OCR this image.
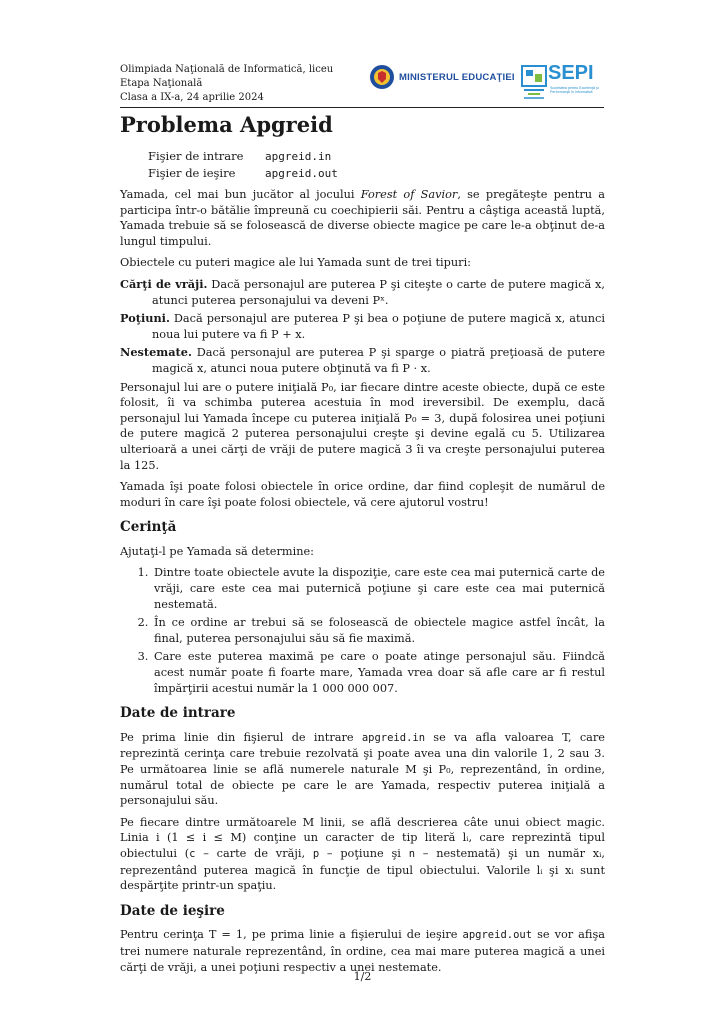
Olimpiada Naţională de Informatică, liceu
Etapa Naţională
Clasa a IX-a, 24 aprilie 2024
MINISTERUL EDUCAŢIEI SEPI
Societatea pentru Excelenţă şi Performanţă în Informatică
Problema Apgreid
Fişier de intrare apgreid.in
Fişier de ieşire	apgreid.out

Yamada, cel mai bun jucător al jocului Forest of Savior, se pregăteşte pentru a participa într-o bătălie împreună cu coechipierii săi. Pentru a câştiga această luptă, Yamada trebuie să se folosească de diverse obiecte magice pe care le-a obţinut de-a lungul timpului.

Obiectele cu puteri magice ale lui Yamada sunt de trei tipuri:

Cărţi de vrăji. Dacă personajul are puterea P şi citeşte o carte de putere magică x, atunci puterea personajului va deveni Pˣ.
Poţiuni. Dacă personajul are puterea P şi bea o poţiune de putere magică x, atunci noua lui putere va fi P + x.
Nestemate. Dacă personajul are puterea P şi sparge o piatră preţioasă de putere magică x, atunci noua putere obţinută va fi P · x.

Personajul lui are o putere iniţială P₀, iar fiecare dintre aceste obiecte, după ce este folosit, îi va schimba puterea acestuia în mod ireversibil. De exemplu, dacă personajul lui Yamada începe cu puterea iniţială P₀ = 3, după folosirea unei poţiuni de putere magică 2 puterea personajului creşte şi devine egală cu 5. Utilizarea ulterioară a unei cărţi de vrăji de putere magică 3 îi va creşte personajului puterea la 125.

Yamada îşi poate folosi obiectele în orice ordine, dar fiind copleşit de numărul de moduri în care îşi poate folosi obiectele, vă cere ajutorul vostru!

Cerinţă

Ajutaţi-l pe Yamada să determine:

1. Dintre toate obiectele avute la dispoziţie, care este cea mai puternică carte de vrăji, care este cea mai puternică poţiune şi care este cea mai puternică nestemată.
2. În ce ordine ar trebui să se folosească de obiectele magice astfel încât, la final, puterea personajului său să fie maximă.
3. Care este puterea maximă pe care o poate atinge personajul său. Fiindcă acest număr poate fi foarte mare, Yamada vrea doar să afle care ar fi restul împărţirii acestui număr la 1 000 000 007.
Date de intrare

Pe prima linie din fişierul de intrare apgreid.in se va afla valoarea T, care reprezintă cerinţa care trebuie rezolvată şi poate avea una din valorile 1, 2 sau 3. Pe următoarea linie se află numerele naturale M şi P₀, reprezentând, în ordine, numărul total de obiecte pe care le are Yamada, respectiv puterea iniţială a personajului său.

Pe fiecare dintre următoarele M linii, se află descrierea câte unui obiect magic. Linia i (1 ≤ i ≤ M) conţine un caracter de tip literă lᵢ, care reprezintă tipul obiectului (c – carte de vrăji, p – poţiune şi n – nestemată) şi un număr xᵢ, reprezentând puterea magică în funcţie de tipul obiectului. Valorile lᵢ şi xᵢ sunt despărţite printr-un spaţiu.

Date de ieşire

Pentru cerinţa T = 1, pe prima linie a fişierului de ieşire apgreid.out se vor afişa trei numere naturale reprezentând, în ordine, cea mai mare puterea magică a unei cărţi de vrăji, a unei poţiuni respectiv a unei nestemate.

1/2
